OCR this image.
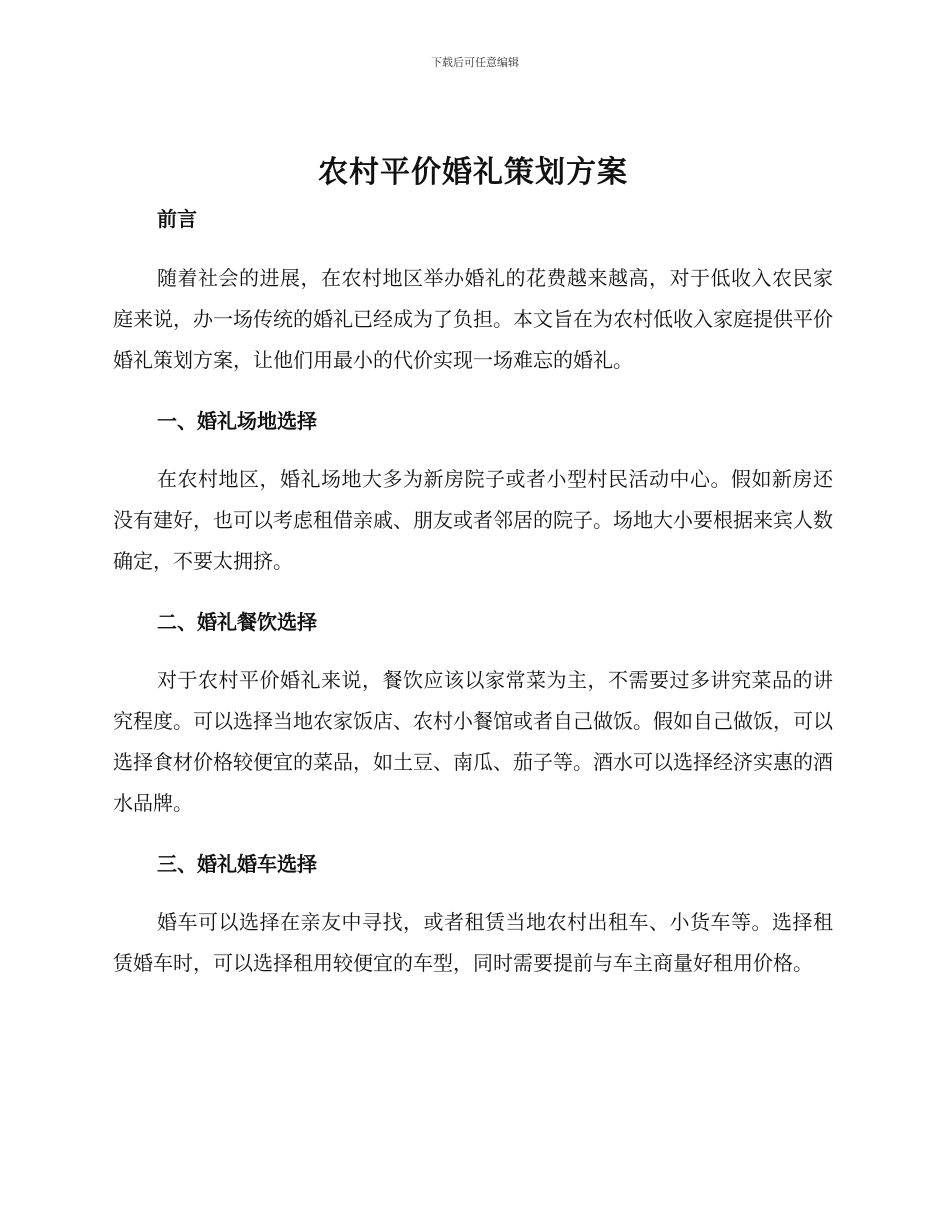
下载后可任意编辑
农村平价婚礼策划方案
前言

随着社会的进展，在农村地区举办婚礼的花费越来越高，对于低收入农民家庭来说，办一场传统的婚礼已经成为了负担。本文旨在为农村低收入家庭提供平价婚礼策划方案，让他们用最小的代价实现一场难忘的婚礼。

一、婚礼场地选择

在农村地区，婚礼场地大多为新房院子或者小型村民活动中心。假如新房还没有建好，也可以考虑租借亲戚、朋友或者邻居的院子。场地大小要根据来宾人数确定，不要太拥挤。

二、婚礼餐饮选择

对于农村平价婚礼来说，餐饮应该以家常菜为主，不需要过多讲究菜品的讲究程度。可以选择当地农家饭店、农村小餐馆或者自己做饭。假如自己做饭，可以选择食材价格较便宜的菜品，如土豆、南瓜、茄子等。酒水可以选择经济实惠的酒水品牌。

三、婚礼婚车选择

婚车可以选择在亲友中寻找，或者租赁当地农村出租车、小货车等。选择租赁婚车时，可以选择租用较便宜的车型，同时需要提前与车主商量好租用价格。
